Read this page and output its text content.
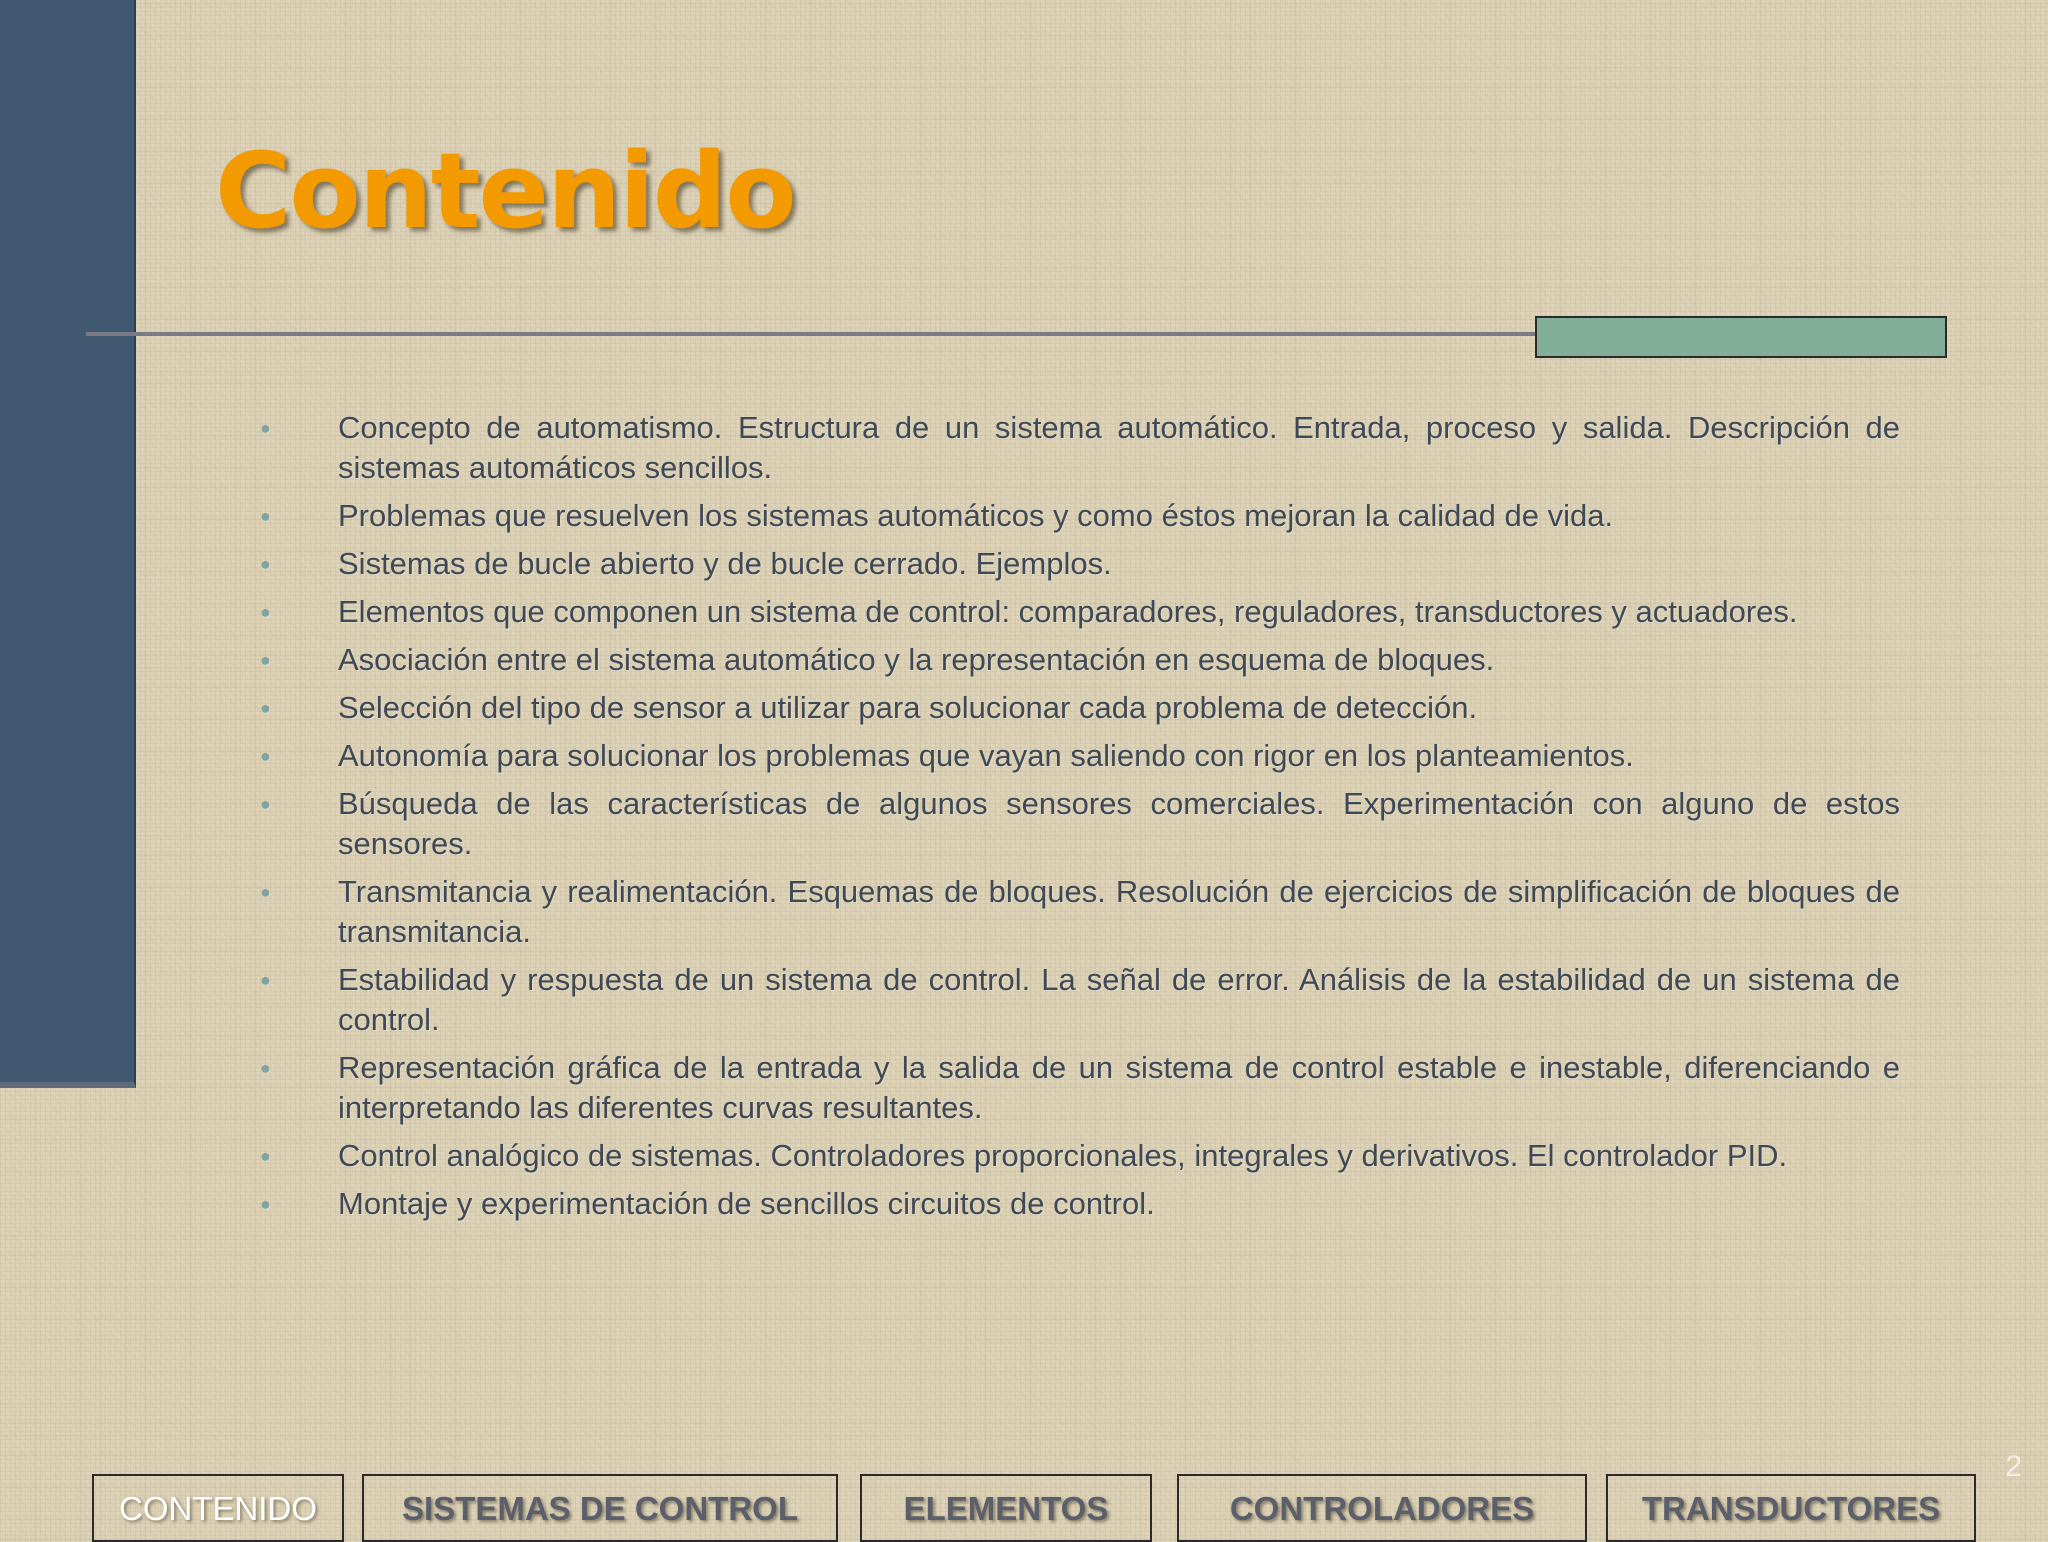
Contenido
● Concepto de automatismo. Estructura de un sistema automático. Entrada, proceso y salida. Descripción de sistemas automáticos sencillos.
● Problemas que resuelven los sistemas automáticos y como éstos mejoran la calidad de vida.
● Sistemas de bucle abierto y de bucle cerrado. Ejemplos.
● Elementos que componen un sistema de control: comparadores, reguladores, transductores y actuadores.
● Asociación entre el sistema automático y la representación en esquema de bloques.
● Selección del tipo de sensor a utilizar para solucionar cada problema de detección.
● Autonomía para solucionar los problemas que vayan saliendo con rigor en los planteamientos.
● Búsqueda de las características de algunos sensores comerciales. Experimentación con alguno de estos sensores.
● Transmitancia y realimentación. Esquemas de bloques. Resolución de ejercicios de simplificación de bloques de transmitancia.
● Estabilidad y respuesta de un sistema de control. La señal de error. Análisis de la estabilidad de un sistema de control.
● Representación gráfica de la entrada y la salida de un sistema de control estable e inestable, diferenciando e interpretando las diferentes curvas resultantes.
● Control analógico de sistemas. Controladores proporcionales, integrales y derivativos. El controlador PID.
● Montaje y experimentación de sencillos circuitos de control.
2
CONTENIDO	SISTEMAS DE CONTROL	ELEMENTOS	CONTROLADORES	TRANSDUCTORES
